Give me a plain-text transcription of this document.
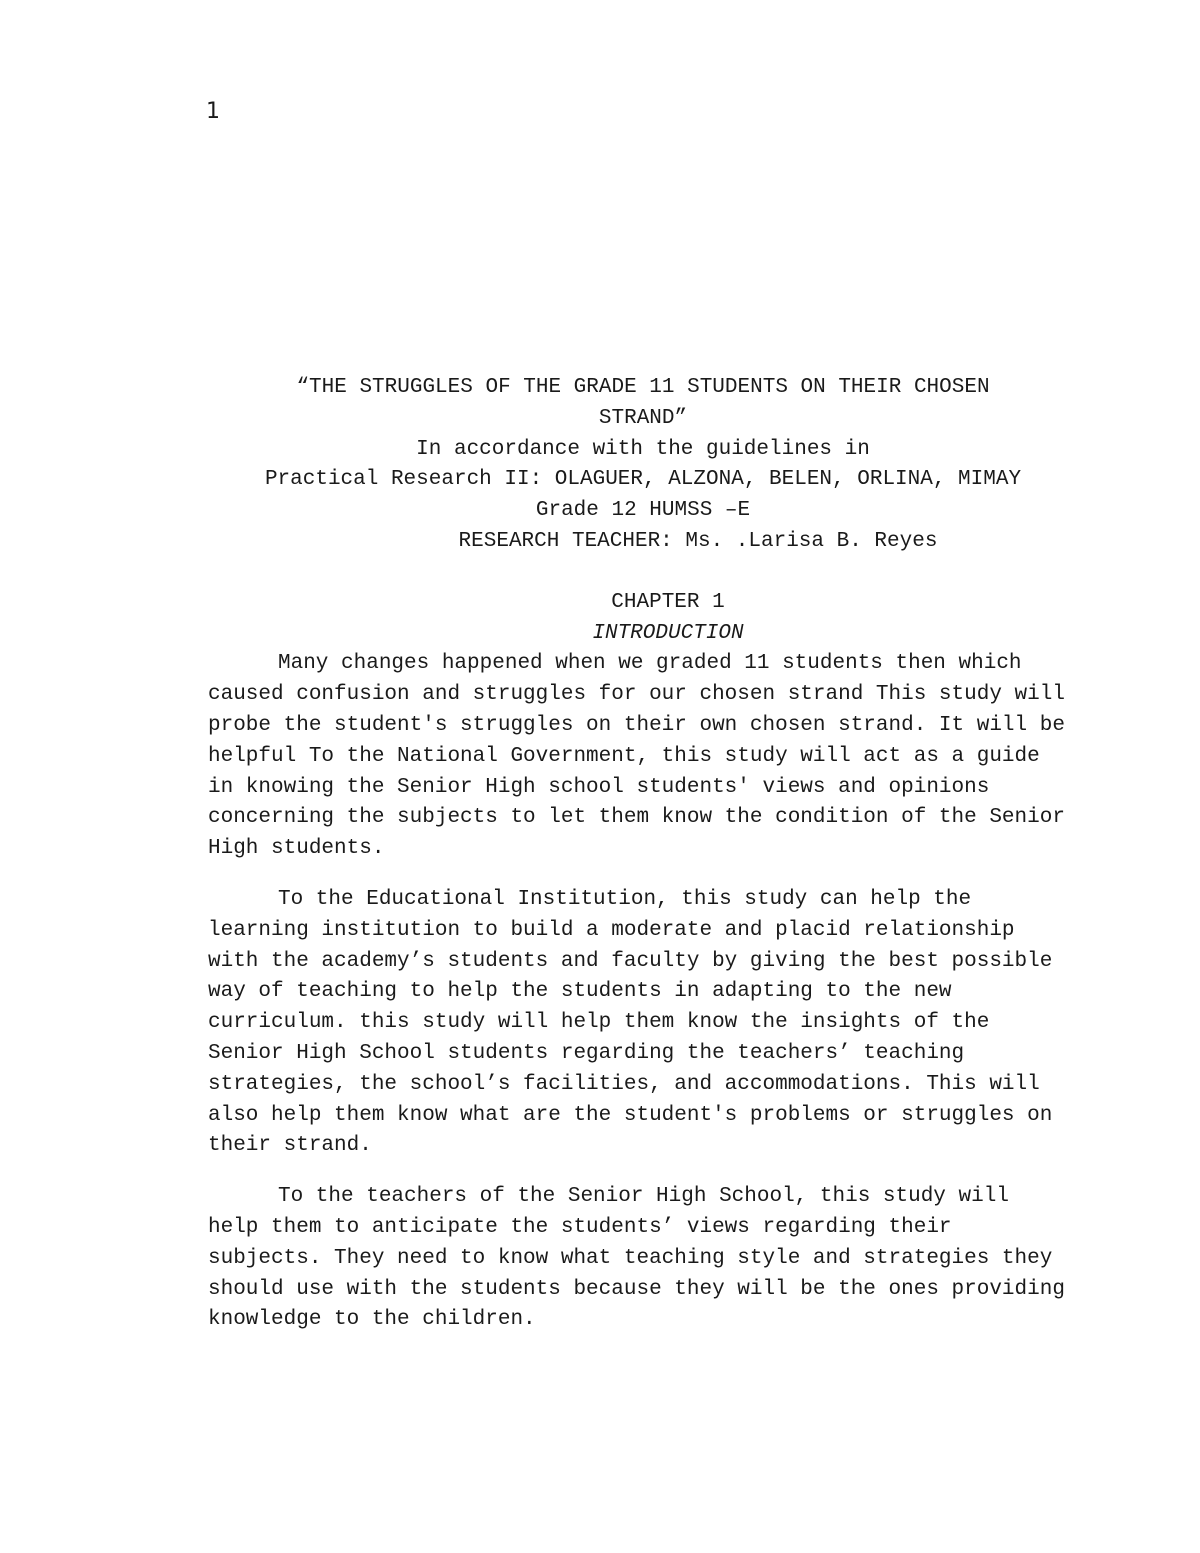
1

“THE STRUGGLES OF THE GRADE 11 STUDENTS ON THEIR CHOSEN STRAND”

In accordance with the guidelines in

Practical Research II: OLAGUER, ALZONA, BELEN, ORLINA, MIMAY

Grade 12 HUMSS –E

RESEARCH TEACHER: Ms. .Larisa B. Reyes

CHAPTER 1

INTRODUCTION

Many changes happened when we graded 11 students then which caused confusion and struggles for our chosen strand This study will probe the student's struggles on their own chosen strand. It will be helpful To the National Government, this study will act as a guide in knowing the Senior High school students' views and opinions concerning the subjects to let them know the condition of the Senior High students.

To the Educational Institution, this study can help the learning institution to build a moderate and placid relationship with the academy’s students and faculty by giving the best possible way of teaching to help the students in adapting to the new curriculum. this study will help them know the insights of the Senior High School students regarding the teachers’ teaching strategies, the school’s facilities, and accommodations. This will also help them know what are the student's problems or struggles on their strand.

To the teachers of the Senior High School, this study will help them to anticipate the students’ views regarding their subjects. They need to know what teaching style and strategies they should use with the students because they will be the ones providing knowledge to the children.
